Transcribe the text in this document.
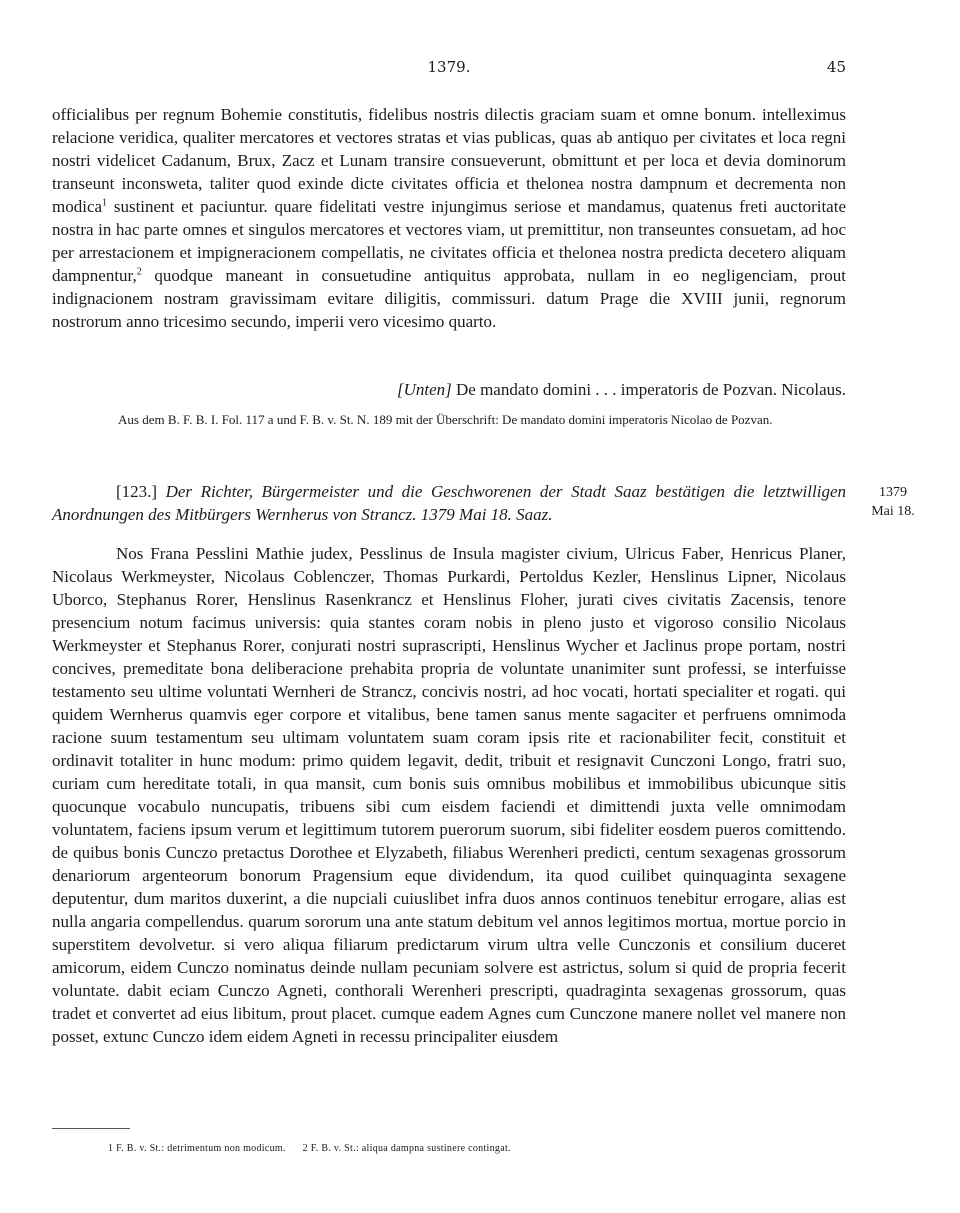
1379.	45

officialibus per regnum Bohemie constitutis, fidelibus nostris dilectis graciam suam et omne bonum. intelleximus relacione veridica, qualiter mercatores et vectores stratas et vias publicas, quas ab antiquo per civitates et loca regni nostri videlicet Cadanum, Brux, Zacz et Lunam transire consueverunt, obmittunt et per loca et devia dominorum transeunt inconsweta, taliter quod exinde dicte civitates officia et thelonea nostra dampnum et decrementa non modica$^1$ sustinent et paciuntur. quare fidelitati vestre injungimus seriose et mandamus, quatenus freti auctoritate nostra in hac parte omnes et singulos mercatores et vectores viam, ut premittitur, non transeuntes consuetam, ad hoc per arrestacionem et impigneracionem compellatis, ne civitates officia et thelonea nostra predicta decetero aliquam dampnentur,$^2$ quodque maneant in consuetudine antiquitus approbata, nullam in eo negligenciam, prout indignacionem nostram gravissimam evitare diligitis, commissuri. datum Prage die XVIII junii, regnorum nostrorum anno tricesimo secundo, imperii vero vicesimo quarto.

[Unten] De mandato domini . . . imperatoris de Pozvan. Nicolaus.

Aus dem B. F. B. I. Fol. 117 a und F. B. v. St. N. 189 mit der Überschrift: De mandato domini imperatoris Nicolao de Pozvan.

[123.] Der Richter, Bürgermeister und die Geschworenen der Stadt Saaz bestätigen die letztwilligen Anordnungen des Mitbürgers Wernherus von Strancz. 1379 Mai 18. Saaz.

1379
Mai 18.

Nos Frana Pesslini Mathie judex, Pesslinus de Insula magister civium, Ulricus Faber, Henricus Planer, Nicolaus Werkmeyster, Nicolaus Coblenczer, Thomas Purkardi, Pertoldus Kezler, Henslinus Lipner, Nicolaus Uborco, Stephanus Rorer, Henslinus Rasenkrancz et Henslinus Floher, jurati cives civitatis Zacensis, tenore presencium notum facimus universis: quia stantes coram nobis in pleno justo et vigoroso consilio Nicolaus Werkmeyster et Stephanus Rorer, conjurati nostri suprascripti, Henslinus Wycher et Jaclinus prope portam, nostri concives, premeditate bona deliberacione prehabita propria de voluntate unanimiter sunt professi, se interfuisse testamento seu ultime voluntati Wernheri de Strancz, concivis nostri, ad hoc vocati, hortati specialiter et rogati. qui quidem Wernherus quamvis eger corpore et vitalibus, bene tamen sanus mente sagaciter et perfruens omnimoda racione suum testamentum seu ultimam voluntatem suam coram ipsis rite et racionabiliter fecit, constituit et ordinavit totaliter in hunc modum: primo quidem legavit, dedit, tribuit et resignavit Cunczoni Longo, fratri suo, curiam cum hereditate totali, in qua mansit, cum bonis suis omnibus mobilibus et immobilibus ubicunque sitis quocunque vocabulo nuncupatis, tribuens sibi cum eisdem faciendi et dimittendi juxta velle omnimodam voluntatem, faciens ipsum verum et legittimum tutorem puerorum suorum, sibi fideliter eosdem pueros comittendo. de quibus bonis Cunczo pretactus Dorothee et Elyzabeth, filiabus Werenheri predicti, centum sexagenas grossorum denariorum argenteorum bonorum Pragensium eque dividendum, ita quod cuilibet quinquaginta sexagene deputentur, dum maritos duxerint, a die nupciali cuiuslibet infra duos annos continuos tenebitur errogare, alias est nulla angaria compellendus. quarum sororum una ante statum debitum vel annos legitimos mortua, mortue porcio in superstitem devolvetur. si vero aliqua filiarum predictarum virum ultra velle Cunczonis et consilium duceret amicorum, eidem Cunczo nominatus deinde nullam pecuniam solvere est astrictus, solum si quid de propria fecerit voluntate. dabit eciam Cunczo Agneti, conthorali Werenheri prescripti, quadraginta sexagenas grossorum, quas tradet et convertet ad eius libitum, prout placet. cumque eadem Agnes cum Cunczone manere nollet vel manere non posset, extunc Cunczo idem eidem Agneti in recessu principaliter eiusdem

1 F. B. v. St.: detrimentum non modicum. 2 F. B. v. St.: aliqua dampna sustinere contingat.
